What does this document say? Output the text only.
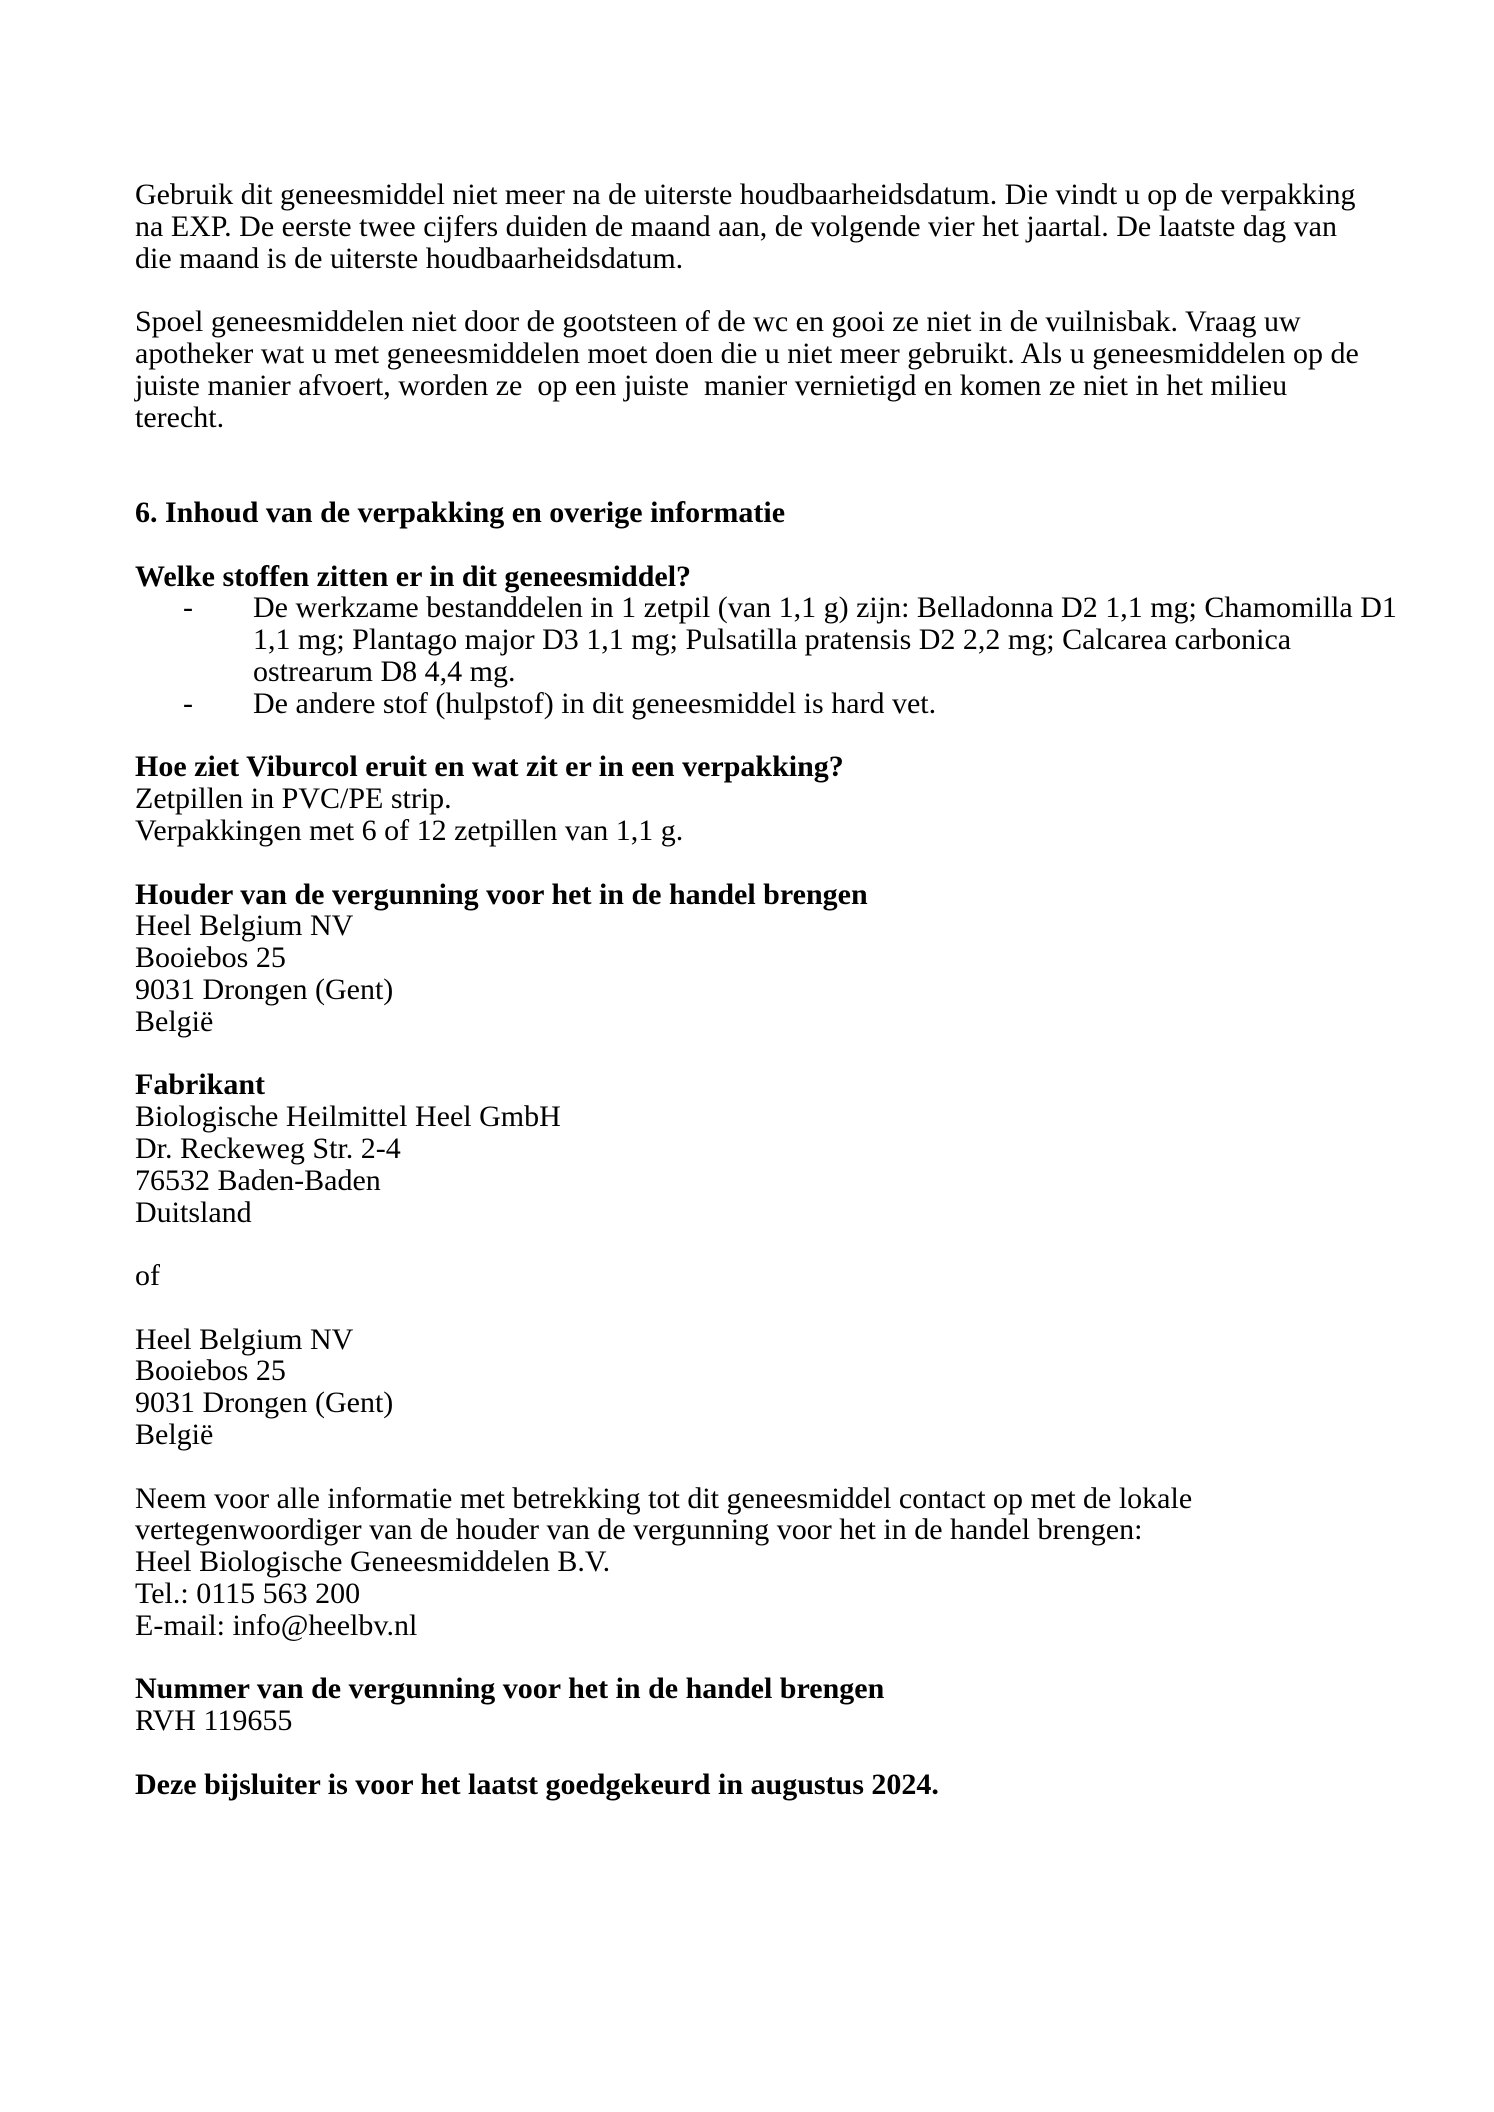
Gebruik dit geneesmiddel niet meer na de uiterste houdbaarheidsdatum. Die vindt u op de verpakking
na EXP. De eerste twee cijfers duiden de maand aan, de volgende vier het jaartal. De laatste dag van
die maand is de uiterste houdbaarheidsdatum.
Spoel geneesmiddelen niet door de gootsteen of de wc en gooi ze niet in de vuilnisbak. Vraag uw
apotheker wat u met geneesmiddelen moet doen die u niet meer gebruikt. Als u geneesmiddelen op de
juiste manier afvoert, worden ze  op een juiste  manier vernietigd en komen ze niet in het milieu
terecht.
6. Inhoud van de verpakking en overige informatie
Welke stoffen zitten er in dit geneesmiddel?
- De werkzame bestanddelen in 1 zetpil (van 1,1 g) zijn: Belladonna D2 1,1 mg; Chamomilla D1
1,1 mg; Plantago major D3 1,1 mg; Pulsatilla pratensis D2 2,2 mg; Calcarea carbonica
ostrearum D8 4,4 mg.
- De andere stof (hulpstof) in dit geneesmiddel is hard vet.
Hoe ziet Viburcol eruit en wat zit er in een verpakking?
Zetpillen in PVC/PE strip.
Verpakkingen met 6 of 12 zetpillen van 1,1 g.
Houder van de vergunning voor het in de handel brengen
Heel Belgium NV
Booiebos 25
9031 Drongen (Gent)
België
Fabrikant
Biologische Heilmittel Heel GmbH
Dr. Reckeweg Str. 2-4
76532 Baden-Baden
Duitsland
of
Heel Belgium NV
Booiebos 25
9031 Drongen (Gent)
België
Neem voor alle informatie met betrekking tot dit geneesmiddel contact op met de lokale
vertegenwoordiger van de houder van de vergunning voor het in de handel brengen:
Heel Biologische Geneesmiddelen B.V.
Tel.: 0115 563 200
E-mail: info@heelbv.nl
Nummer van de vergunning voor het in de handel brengen
RVH 119655
Deze bijsluiter is voor het laatst goedgekeurd in augustus 2024.
